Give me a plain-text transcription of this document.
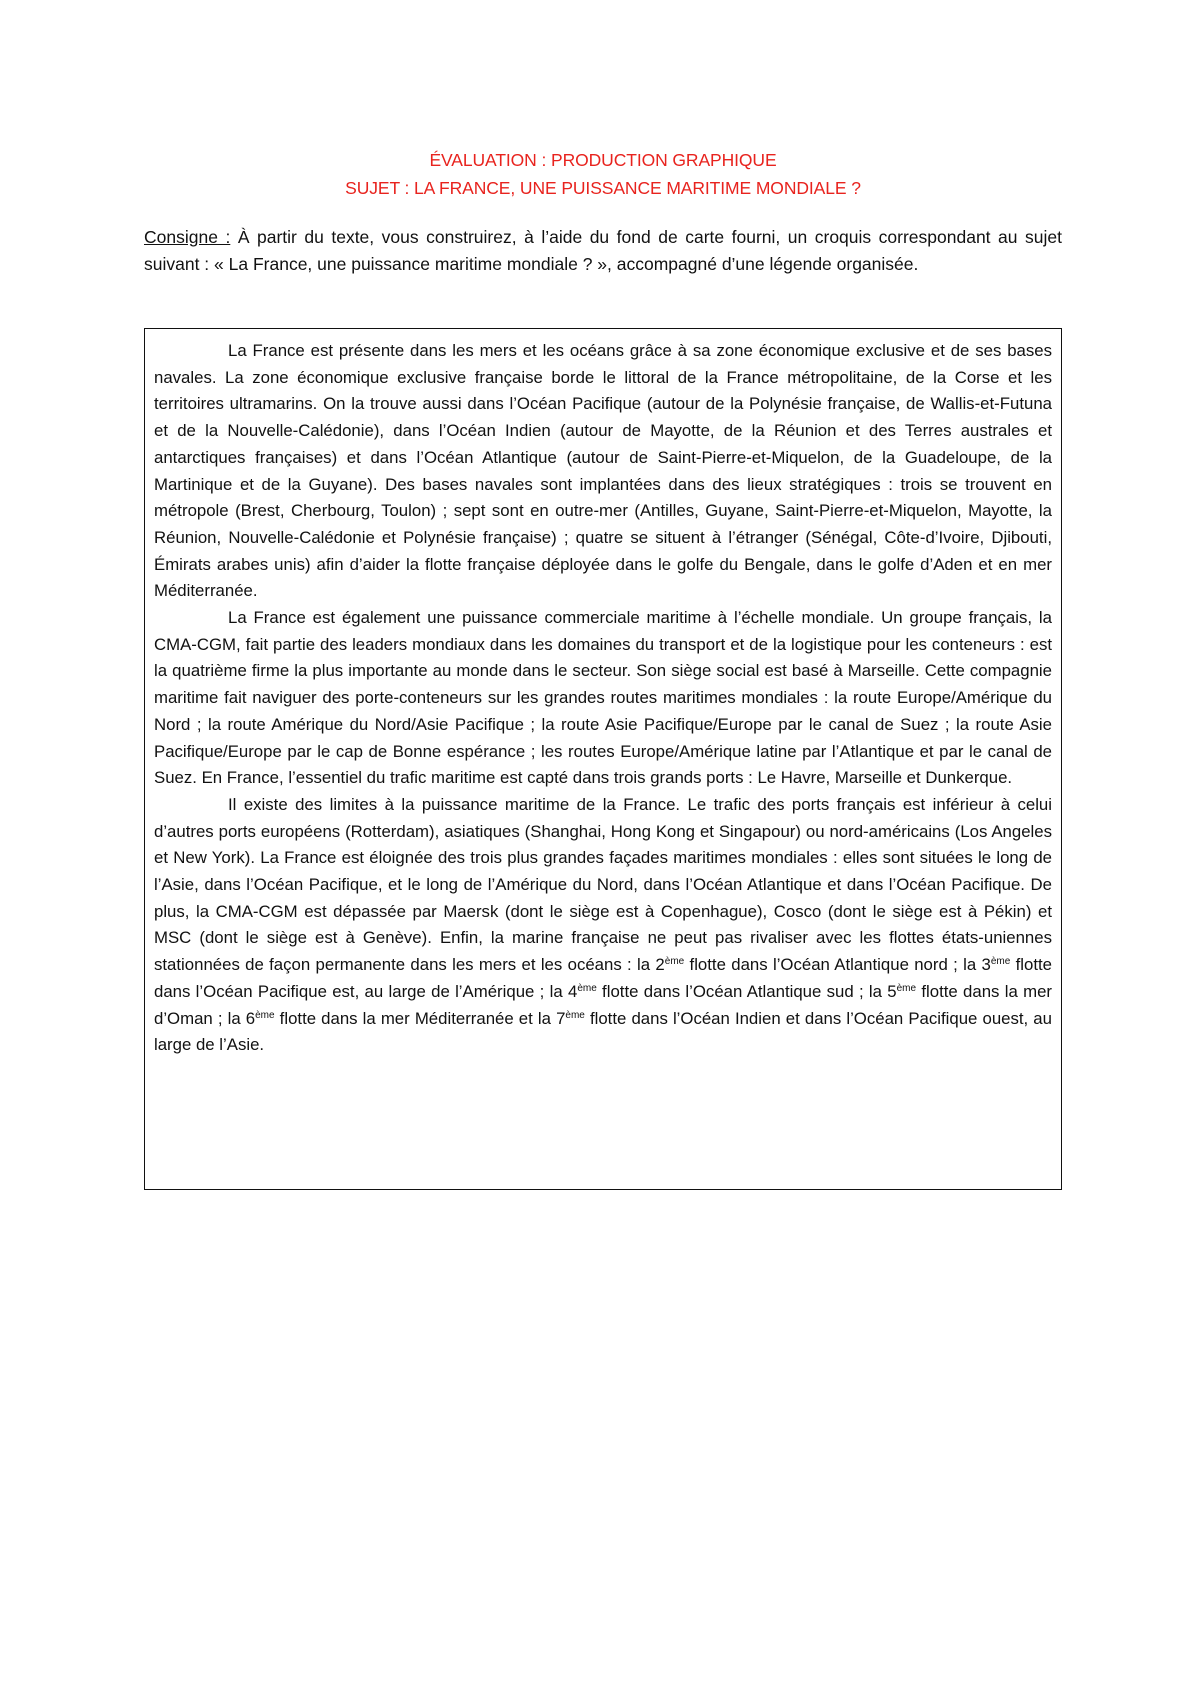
ÉVALUATION : PRODUCTION GRAPHIQUE
SUJET : LA FRANCE, UNE PUISSANCE MARITIME MONDIALE ?
Consigne : À partir du texte, vous construirez, à l’aide du fond de carte fourni, un croquis correspondant au sujet suivant : « La France, une puissance maritime mondiale ? », accompagné d’une légende organisée.

La France est présente dans les mers et les océans grâce à sa zone économique exclusive et de ses bases navales. La zone économique exclusive française borde le littoral de la France métropolitaine, de la Corse et les territoires ultramarins. On la trouve aussi dans l’Océan Pacifique (autour de la Polynésie française, de Wallis-et-Futuna et de la Nouvelle-Calédonie), dans l’Océan Indien (autour de Mayotte, de la Réunion et des Terres australes et antarctiques françaises) et dans l’Océan Atlantique (autour de Saint-Pierre-et-Miquelon, de la Guadeloupe, de la Martinique et de la Guyane). Des bases navales sont implantées dans des lieux stratégiques : trois se trouvent en métropole (Brest, Cherbourg, Toulon) ; sept sont en outre-mer (Antilles, Guyane, Saint-Pierre-et-Miquelon, Mayotte, la Réunion, Nouvelle-Calédonie et Polynésie française) ; quatre se situent à l’étranger (Sénégal, Côte-d’Ivoire, Djibouti, Émirats arabes unis) afin d’aider la flotte française déployée dans le golfe du Bengale, dans le golfe d’Aden et en mer Méditerranée.

La France est également une puissance commerciale maritime à l’échelle mondiale. Un groupe français, la CMA-CGM, fait partie des leaders mondiaux dans les domaines du transport et de la logistique pour les conteneurs : est la quatrième firme la plus importante au monde dans le secteur. Son siège social est basé à Marseille. Cette compagnie maritime fait naviguer des porte-conteneurs sur les grandes routes maritimes mondiales : la route Europe/Amérique du Nord ; la route Amérique du Nord/Asie Pacifique ; la route Asie Pacifique/Europe par le canal de Suez ; la route Asie Pacifique/Europe par le cap de Bonne espérance ; les routes Europe/Amérique latine par l’Atlantique et par le canal de Suez. En France, l’essentiel du trafic maritime est capté dans trois grands ports : Le Havre, Marseille et Dunkerque.

Il existe des limites à la puissance maritime de la France. Le trafic des ports français est inférieur à celui d’autres ports européens (Rotterdam), asiatiques (Shanghai, Hong Kong et Singapour) ou nord-américains (Los Angeles et New York). La France est éloignée des trois plus grandes façades maritimes mondiales : elles sont situées le long de l’Asie, dans l’Océan Pacifique, et le long de l’Amérique du Nord, dans l’Océan Atlantique et dans l’Océan Pacifique. De plus, la CMA-CGM est dépassée par Maersk (dont le siège est à Copenhague), Cosco (dont le siège est à Pékin) et MSC (dont le siège est à Genève). Enfin, la marine française ne peut pas rivaliser avec les flottes états-uniennes stationnées de façon permanente dans les mers et les océans : la 2ème flotte dans l’Océan Atlantique nord ; la 3ème flotte dans l’Océan Pacifique est, au large de l’Amérique ; la 4ème flotte dans l’Océan Atlantique sud ; la 5ème flotte dans la mer d’Oman ; la 6ème flotte dans la mer Méditerranée et la 7ème flotte dans l’Océan Indien et dans l’Océan Pacifique ouest, au large de l’Asie.
